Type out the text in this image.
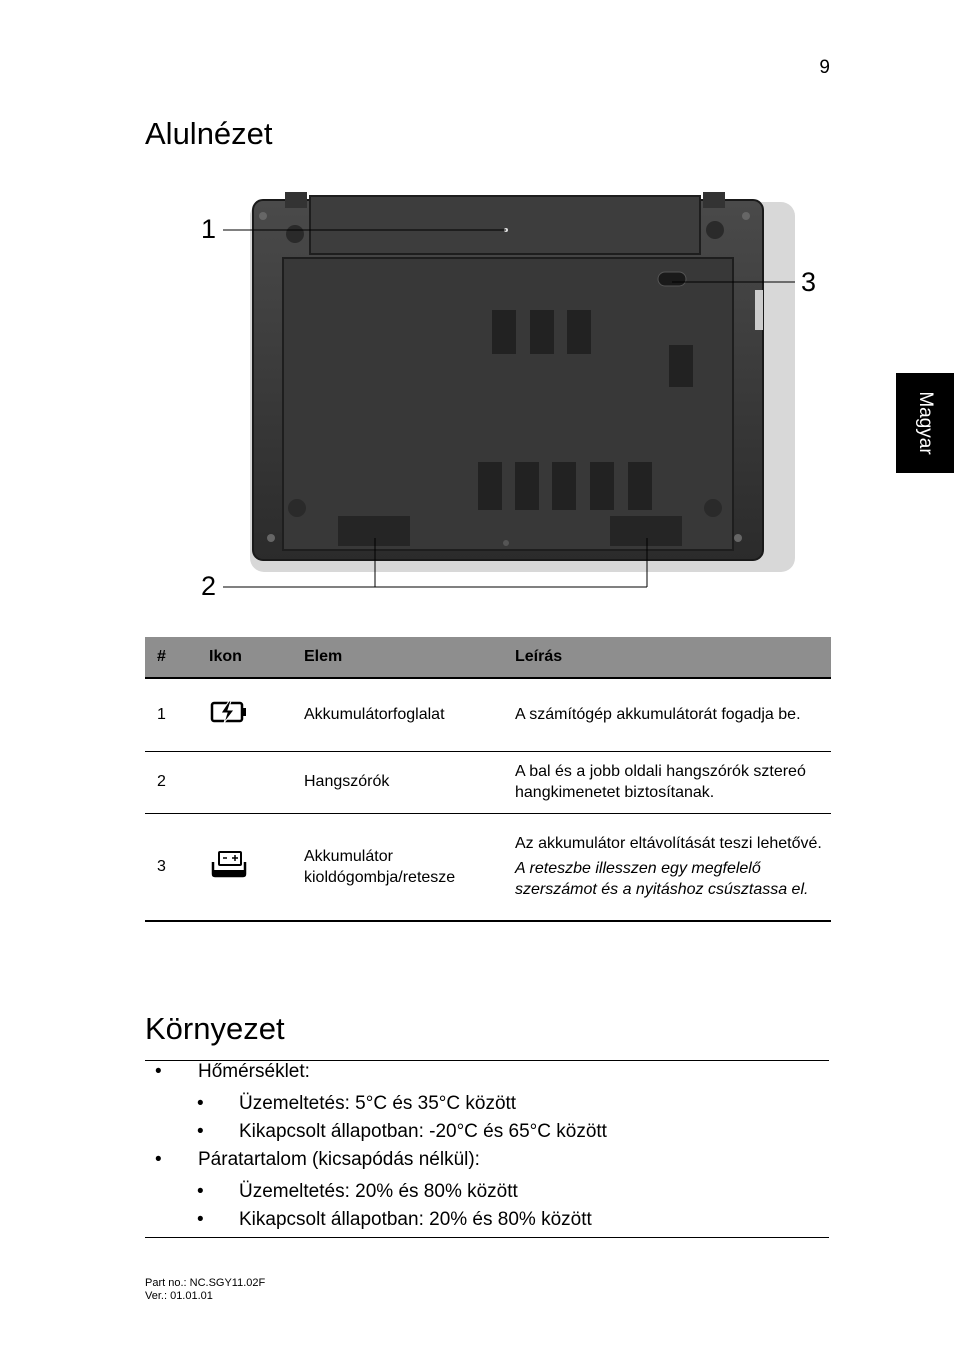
9
Magyar
Alulnézet
1
2
3
#	Ikon	Elem	Leírás
1		Akkumulátorfoglalat	A számítógép akkumulátorát fogadja be.
2		Hangszórók	A bal és a jobb oldali hangszórók sztereó hangkimenetet biztosítanak.

3		Akkumulátor kioldógombja/retesze	Az akkumulátor eltávolítását teszi lehetővé.
A reteszbe illesszen egy megfelelő szerszámot és a nyitáshoz csúsztassa el.
Környezet
• Hőmérséklet:
• Üzemeltetés: 5°C és 35°C között
• Kikapcsolt állapotban: -20°C és 65°C között
• Páratartalom (kicsapódás nélkül):
• Üzemeltetés: 20% és 80% között
• Kikapcsolt állapotban: 20% és 80% között
Part no.: NC.SGY11.02F
Ver.: 01.01.01
